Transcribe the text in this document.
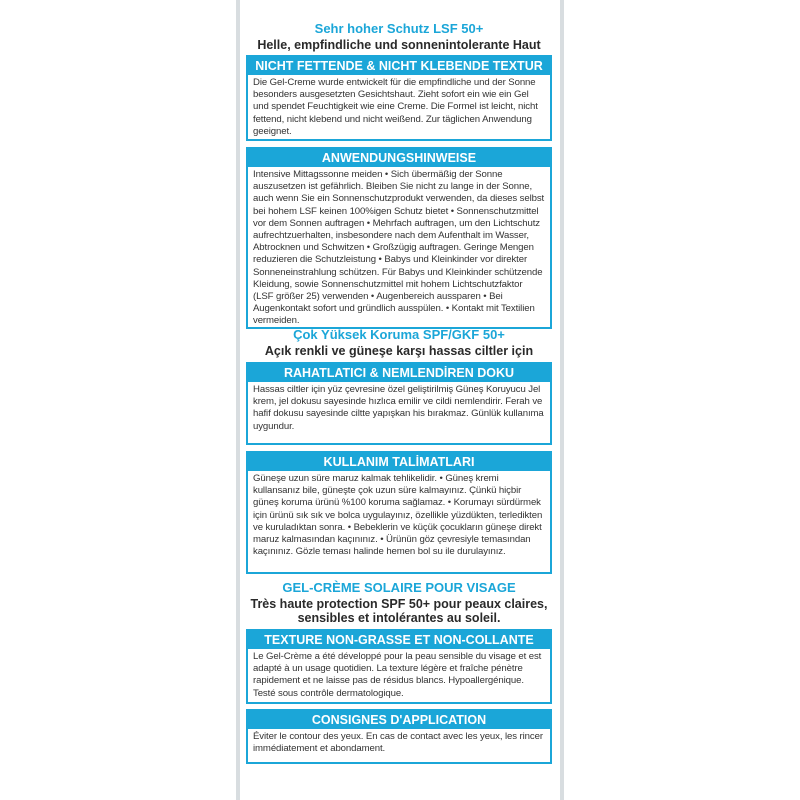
Sehr hoher Schutz LSF 50+
Helle, empfindliche und sonnenintolerante Haut
NICHT FETTENDE & NICHT KLEBENDE TEXTUR
Die Gel-Creme wurde entwickelt für die empfindliche und der Sonne besonders ausgesetzten Gesichtshaut. Zieht sofort ein wie ein Gel und spendet Feuchtigkeit wie eine Creme. Die Formel ist leicht, nicht fettend, nicht klebend und nicht weißend. Zur täglichen Anwendung geeignet.
ANWENDUNGSHINWEISE
Intensive Mittagssonne meiden • Sich übermäßig der Sonne auszusetzen ist gefährlich. Bleiben Sie nicht zu lange in der Sonne, auch wenn Sie ein Sonnenschutzprodukt verwenden, da dieses selbst bei hohem LSF keinen 100%igen Schutz bietet • Sonnenschutzmittel vor dem Sonnen auftragen • Mehrfach auftragen, um den Lichtschutz aufrechtzuerhalten, insbesondere nach dem Aufenthalt im Wasser, Abtrocknen und Schwitzen • Großzügig auftragen. Geringe Mengen reduzieren die Schutzleistung • Babys und Kleinkinder vor direkter Sonneneinstrahlung schützen. Für Babys und Kleinkinder schützende Kleidung, sowie Sonnenschutzmittel mit hohem Lichtschutzfaktor (LSF größer 25) verwenden • Augenbereich aussparen • Bei Augenkontakt sofort und gründlich ausspülen. • Kontakt mit Textilien vermeiden.
Çok Yüksek Koruma SPF/GKF 50+
Açık renkli ve güneşe karşı hassas ciltler için
RAHATLATICI & NEMLENDİREN DOKU
Hassas ciltler için yüz çevresine özel geliştirilmiş Güneş Koruyucu Jel krem, jel dokusu sayesinde hızlıca emilir ve cildi nemlendirir. Ferah ve hafif dokusu sayesinde ciltte yapışkan his bırakmaz. Günlük kullanıma uygundur.
KULLANIM TALİMATLARI
Güneşe uzun süre maruz kalmak tehlikelidir. • Güneş kremi kullansanız bile, güneşte çok uzun süre kalmayınız. Çünkü hiçbir güneş koruma ürünü %100 koruma sağlamaz. • Korumayı sürdürmek için ürünü sık sık ve bolca uygulayınız, özellikle yüzdükten, terledikten ve kuruladıktan sonra. • Bebeklerin ve küçük çocukların güneşe direkt maruz kalmasından kaçınınız. • Ürünün göz çevresiyle temasından kaçınınız. Gözle teması halinde hemen bol su ile durulayınız.
GEL-CRÈME SOLAIRE POUR VISAGE
Très haute protection SPF 50+ pour peaux claires,
sensibles et intolérantes au soleil.
TEXTURE NON-GRASSE ET NON-COLLANTE
Le Gel-Crème a été développé pour la peau sensible du visage et est adapté à un usage quotidien. La texture légère et fraîche pénètre rapidement et ne laisse pas de résidus blancs. Hypoallergénique. Testé sous contrôle dermatologique.
CONSIGNES D'APPLICATION
Éviter le contour des yeux. En cas de contact avec les yeux, les rincer immédiatement et abondament.
